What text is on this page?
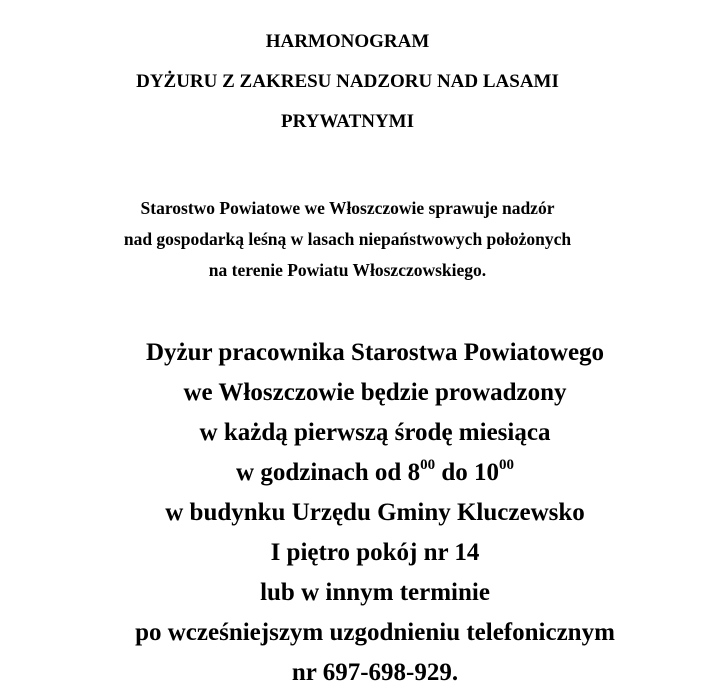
HARMONOGRAM
DYŻURU Z ZAKRESU NADZORU NAD LASAMI
PRYWATNYMI
Starostwo Powiatowe we Włoszczowie sprawuje nadzór
nad gospodarką leśną w lasach niepaństwowych położonych
na terenie Powiatu Włoszczowskiego.
Dyżur pracownika Starostwa Powiatowego
we Włoszczowie będzie prowadzony
w każdą pierwszą środę miesiąca
w godzinach od $8^{00}$ do $10^{00}$
w budynku Urzędu Gminy Kluczewsko
I piętro pokój nr 14
lub w innym terminie
po wcześniejszym uzgodnieniu telefonicznym
nr 697-698-929.
